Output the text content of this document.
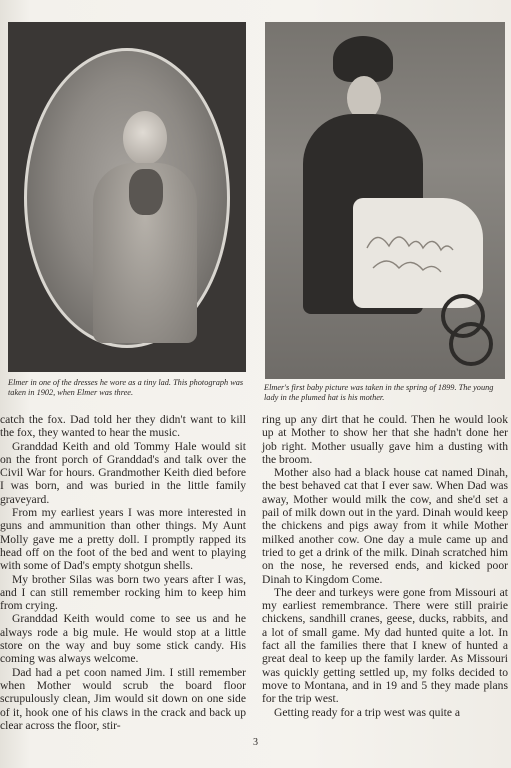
Elmer in one of the dresses he wore as a tiny lad. This photograph was taken in 1902, when Elmer was three.
Elmer's first baby picture was taken in the spring of 1899. The young lady in the plumed hat is his mother.

catch the fox. Dad told her they didn't want to kill the fox, they wanted to hear the music.

Granddad Keith and old Tommy Hale would sit on the front porch of Granddad's and talk over the Civil War for hours. Grandmother Keith died before I was born, and was buried in the little family graveyard.

From my earliest years I was more interested in guns and ammunition than other things. My Aunt Molly gave me a pretty doll. I promptly rapped its head off on the foot of the bed and went to playing with some of Dad's empty shotgun shells.

My brother Silas was born two years after I was, and I can still remember rocking him to keep him from crying.

Granddad Keith would come to see us and he always rode a big mule. He would stop at a little store on the way and buy some stick candy. His coming was always welcome.

Dad had a pet coon named Jim. I still remember when Mother would scrub the board floor scrupulously clean, Jim would sit down on one side of it, hook one of his claws in the crack and back up clear across the floor, stir-

ring up any dirt that he could. Then he would look up at Mother to show her that she hadn't done her job right. Mother usually gave him a dusting with the broom.

Mother also had a black house cat named Dinah, the best behaved cat that I ever saw. When Dad was away, Mother would milk the cow, and she'd set a pail of milk down out in the yard. Dinah would keep the chickens and pigs away from it while Mother milked another cow. One day a mule came up and tried to get a drink of the milk. Dinah scratched him on the nose, he reversed ends, and kicked poor Dinah to Kingdom Come.

The deer and turkeys were gone from Missouri at my earliest remembrance. There were still prairie chickens, sandhill cranes, geese, ducks, rabbits, and a lot of small game. My dad hunted quite a lot. In fact all the families there that I knew of hunted a great deal to keep up the family larder. As Missouri was quickly getting settled up, my folks decided to move to Montana, and in 19 and 5 they made plans for the trip west.

Getting ready for a trip west was quite a

3
